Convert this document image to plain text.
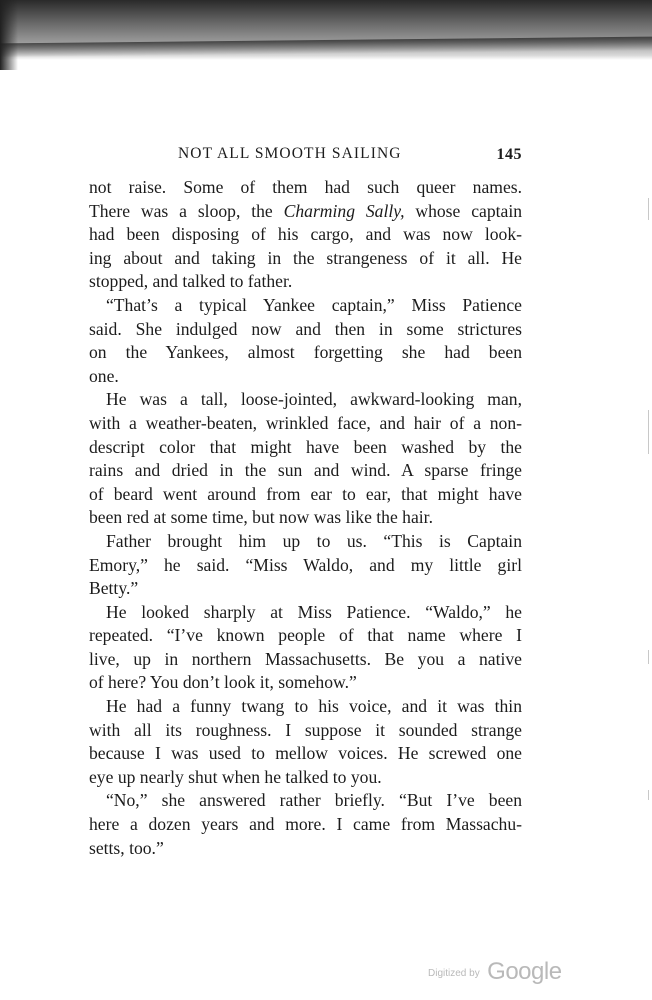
NOT ALL SMOOTH SAILING	145
not raise. Some of them had such queer names.
There was a sloop, the Charming Sally, whose captain
had been disposing of his cargo, and was now look-
ing about and taking in the strangeness of it all. He
stopped, and talked to father.
“That’s a typical Yankee captain,” Miss Patience
said. She indulged now and then in some strictures
on the Yankees, almost forgetting she had been
one.
He was a tall, loose-jointed, awkward-looking man,
with a weather-beaten, wrinkled face, and hair of a non-
descript color that might have been washed by the
rains and dried in the sun and wind. A sparse fringe
of beard went around from ear to ear, that might have
been red at some time, but now was like the hair.
Father brought him up to us. “This is Captain
Emory,” he said. “Miss Waldo, and my little girl
Betty.”
He looked sharply at Miss Patience. “Waldo,” he
repeated. “I’ve known people of that name where I
live, up in northern Massachusetts. Be you a native
of here? You don’t look it, somehow.”
He had a funny twang to his voice, and it was thin
with all its roughness. I suppose it sounded strange
because I was used to mellow voices. He screwed one
eye up nearly shut when he talked to you.
“No,” she answered rather briefly. “But I’ve been
here a dozen years and more. I came from Massachu-
setts, too.”
Digitized by Google
